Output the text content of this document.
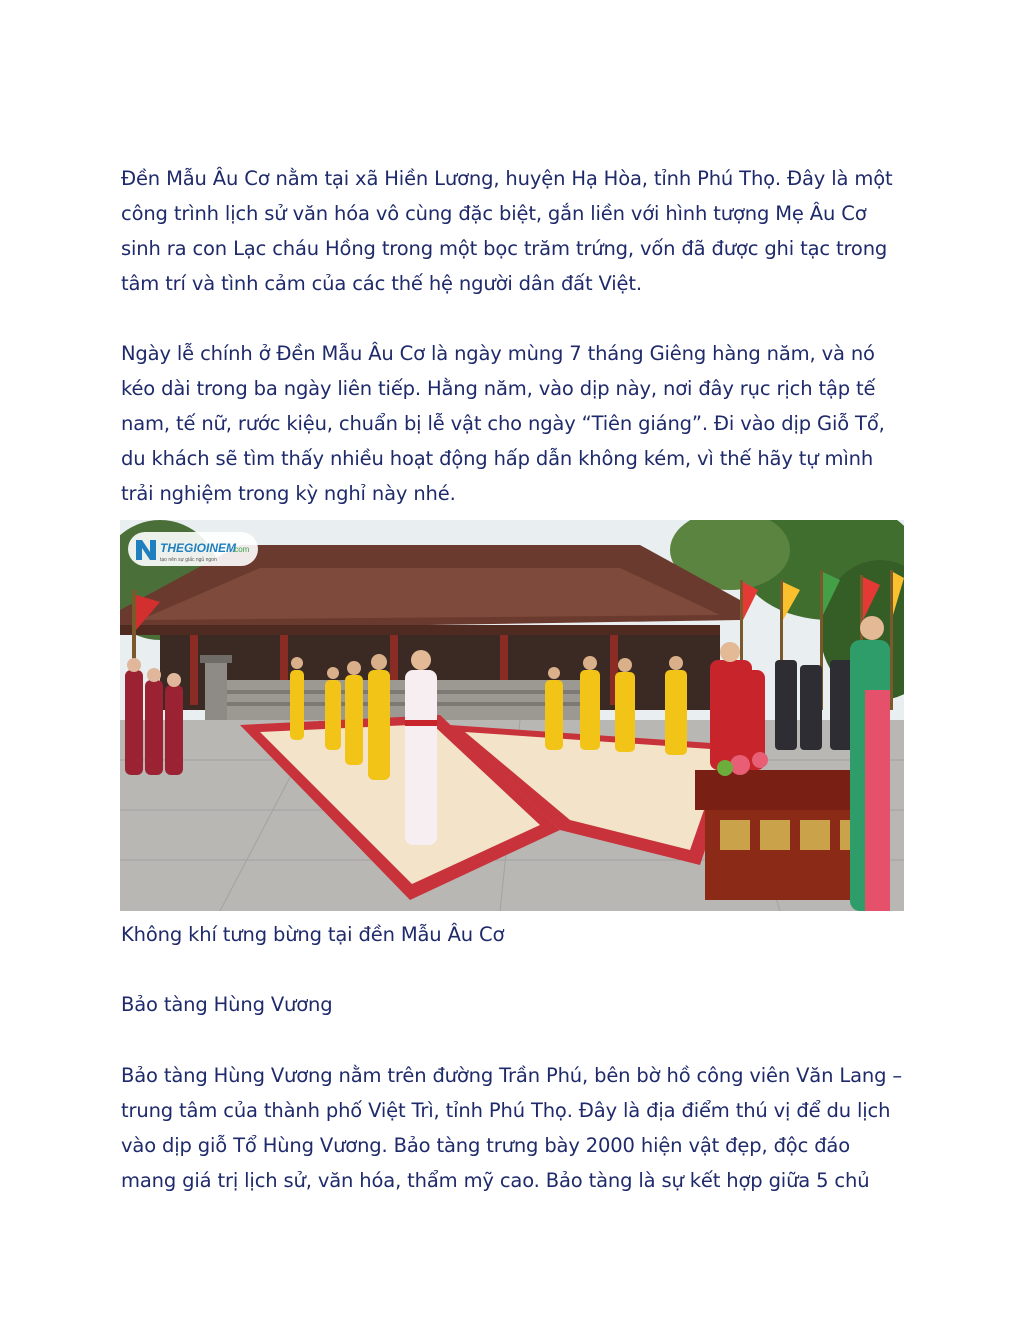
Đền Mẫu Âu Cơ nằm tại xã Hiền Lương, huyện Hạ Hòa, tỉnh Phú Thọ. Đây là một công trình lịch sử văn hóa vô cùng đặc biệt, gắn liền với hình tượng Mẹ Âu Cơ sinh ra con Lạc cháu Hồng trong một bọc trăm trứng, vốn đã được ghi tạc trong tâm trí và tình cảm của các thế hệ người dân đất Việt.

Ngày lễ chính ở Đền Mẫu Âu Cơ là ngày mùng 7 tháng Giêng hàng năm, và nó kéo dài trong ba ngày liên tiếp. Hằng năm, vào dịp này, nơi đây rục rịch tập tế nam, tế nữ, rước kiệu, chuẩn bị lễ vật cho ngày “Tiên giáng”. Đi vào dịp Giỗ Tổ, du khách sẽ tìm thấy nhiều hoạt động hấp dẫn không kém, vì thế hãy tự mình trải nghiệm trong kỳ nghỉ này nhé.

THEGIOINEM
.com
tạo nên sự giấc ngủ ngon

Không khí tưng bừng tại đền Mẫu Âu Cơ

Bảo tàng Hùng Vương

Bảo tàng Hùng Vương nằm trên đường Trần Phú, bên bờ hồ công viên Văn Lang – trung tâm của thành phố Việt Trì, tỉnh Phú Thọ. Đây là địa điểm thú vị để du lịch vào dịp giỗ Tổ Hùng Vương. Bảo tàng trưng bày 2000 hiện vật đẹp, độc đáo mang giá trị lịch sử, văn hóa, thẩm mỹ cao. Bảo tàng là sự kết hợp giữa 5 chủ
